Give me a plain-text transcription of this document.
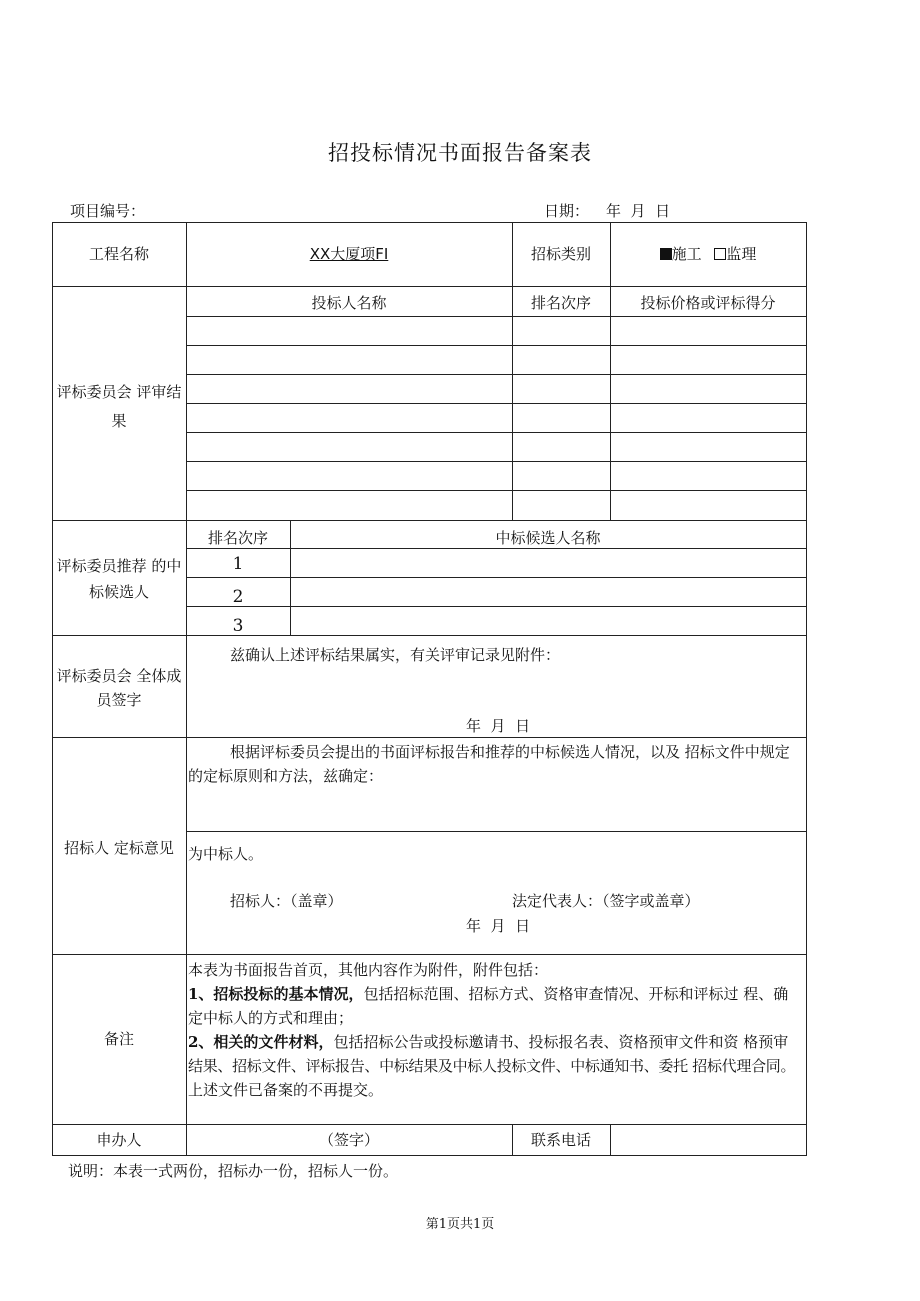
招投标情况书面报告备案表
项目编号：	日期： 年  月  日
工程名称	XX大厦项FI	招标类别	施工 监理
评标委员会 评审结
果
投标人名称	排名次序	投标价格或评标得分
评标委员推荐 的中
标候选人
排名次序	中标候选人名称
1
2
3
评标委员会 全体成
员签字
兹确认上述评标结果属实，有关评审记录见附件：
年  月  日
招标人 定标意见
根据评标委员会提出的书面评标报告和推荐的中标候选人情况，以及 招标文件中规定
的定标原则和方法，兹确定：
为中标人。
招标人：（盖章）	法定代表人：（签字或盖章）
年  月  日
备注
本表为书面报告首页，其他内容作为附件，附件包括：
1、招标投标的基本情况，包括招标范围、招标方式、资格审查情况、开标和评标过 程、确
定中标人的方式和理由；
2、相关的文件材料，包括招标公告或投标邀请书、投标报名表、资格预审文件和资 格预审
结果、招标文件、评标报告、中标结果及中标人投标文件、中标通知书、委托 招标代理合同。
上述文件已备案的不再提交。
申办人	（签字）	联系电话
说明：本表一式两份，招标办一份，招标人一份。
第1页共1页
